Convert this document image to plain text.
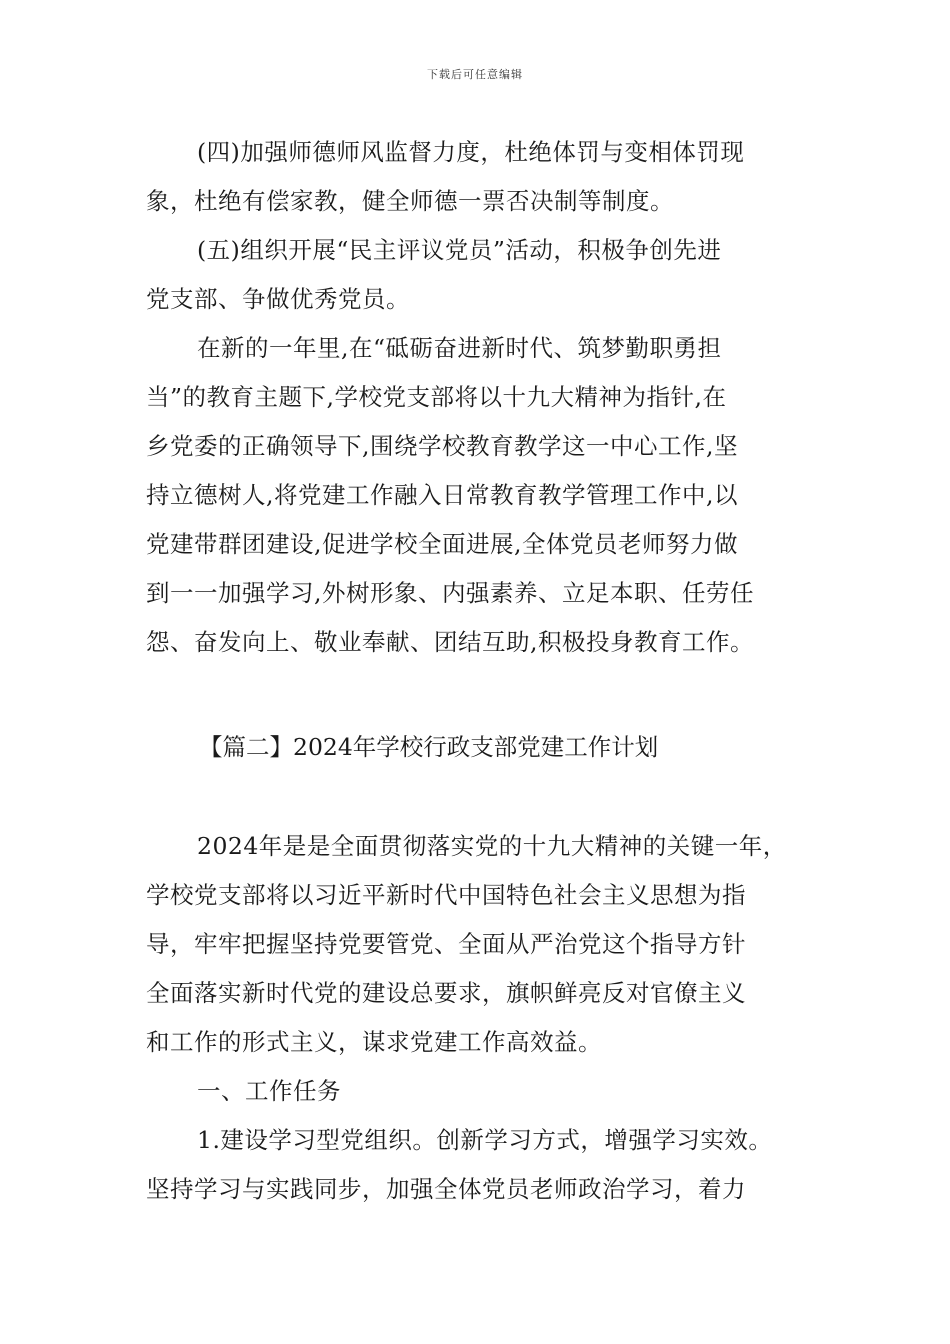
下载后可任意编辑
(四)加强师德师风监督力度，杜绝体罚与变相体罚现
象，杜绝有偿家教，健全师德一票否决制等制度。
(五)组织开展“民主评议党员”活动，积极争创先进
党支部、争做优秀党员。
在新的一年里,在“砥砺奋进新时代、筑梦勤职勇担
当”的教育主题下,学校党支部将以十九大精神为指针,在
乡党委的正确领导下,围绕学校教育教学这一中心工作,坚
持立德树人,将党建工作融入日常教育教学管理工作中,以
党建带群团建设,促进学校全面进展,全体党员老师努力做
到一一加强学习,外树形象、内强素养、立足本职、任劳任
怨、奋发向上、敬业奉献、团结互助,积极投身教育工作。
【篇二】2024年学校行政支部党建工作计划
2024年是是全面贯彻落实党的十九大精神的关键一年，
学校党支部将以习近平新时代中国特色社会主义思想为指
导，牢牢把握坚持党要管党、全面从严治党这个指导方针
全面落实新时代党的建设总要求，旗帜鲜亮反对官僚主义
和工作的形式主义，谋求党建工作高效益。
一、工作任务
1.建设学习型党组织。创新学习方式，增强学习实效。
坚持学习与实践同步，加强全体党员老师政治学习，着力
